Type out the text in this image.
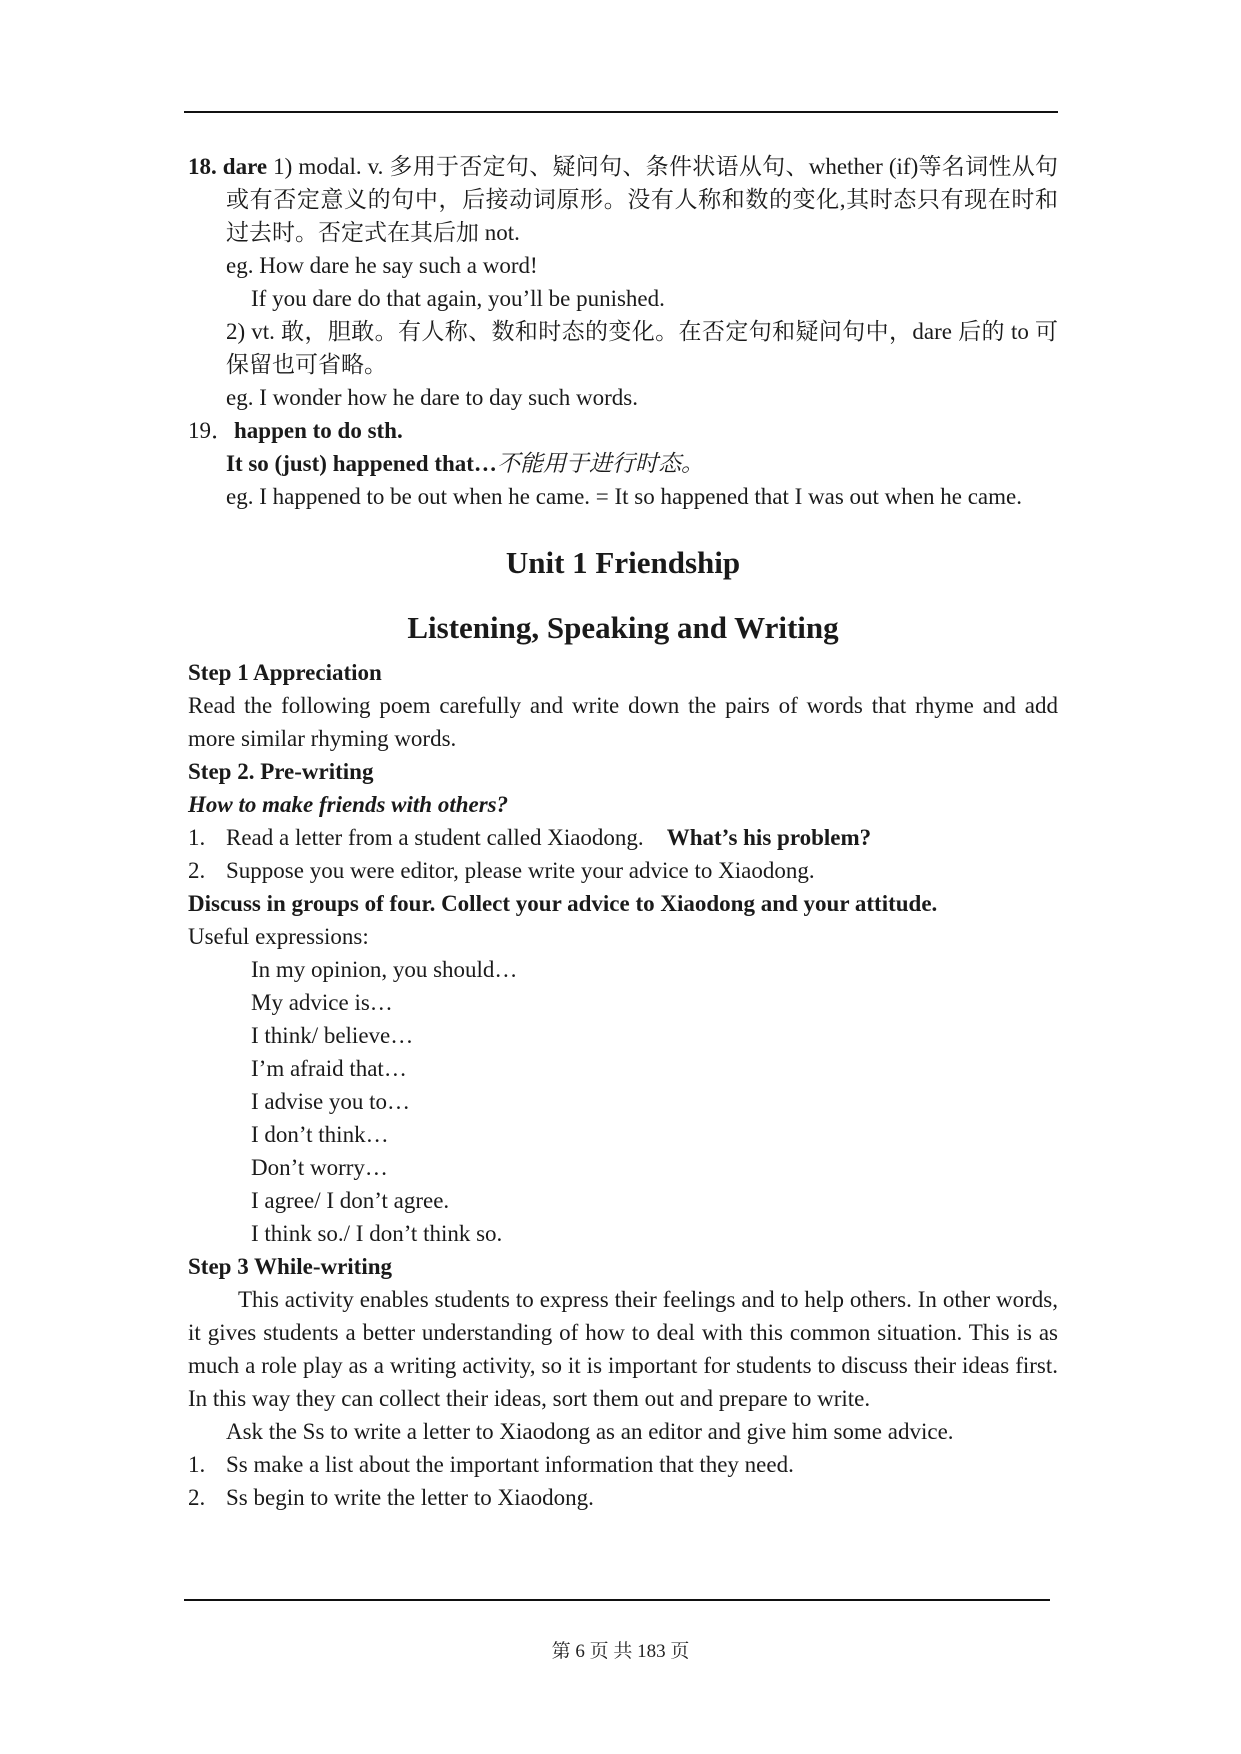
18. dare 1) modal. v. 多用于否定句、疑问句、条件状语从句、whether (if)等名词性从句或有否定意义的句中，后接动词原形。没有人称和数的变化,其时态只有现在时和过去时。否定式在其后加 not.

eg. How dare he say such a word!

If you dare do that again, you’ll be punished.

2) vt. 敢，胆敢。有人称、数和时态的变化。在否定句和疑问句中，dare 后的 to 可保留也可省略。

eg. I wonder how he dare to day such words.

19．happen to do sth.

It so (just) happened that…不能用于进行时态。

eg. I happened to be out when he came. = It so happened that I was out when he came.

Unit 1 Friendship

Listening, Speaking and Writing

Step 1 Appreciation

Read the following poem carefully and write down the pairs of words that rhyme and add more similar rhyming words.

Step 2. Pre-writing

How to make friends with others?

1. Read a letter from a student called Xiaodong.    What’s his problem?

2. Suppose you were editor, please write your advice to Xiaodong.

Discuss in groups of four. Collect your advice to Xiaodong and your attitude.

Useful expressions:

In my opinion, you should…

My advice is…

I think/ believe…

I’m afraid that…

I advise you to…

I don’t think…

Don’t worry…

I agree/ I don’t agree.

I think so./ I don’t think so.

Step 3 While-writing

This activity enables students to express their feelings and to help others. In other words, it gives students a better understanding of how to deal with this common situation. This is as much a role play as a writing activity, so it is important for students to discuss their ideas first. In this way they can collect their ideas, sort them out and prepare to write.

Ask the Ss to write a letter to Xiaodong as an editor and give him some advice.

1. Ss make a list about the important information that they need.

2. Ss begin to write the letter to Xiaodong.

第 6 页 共 183 页
